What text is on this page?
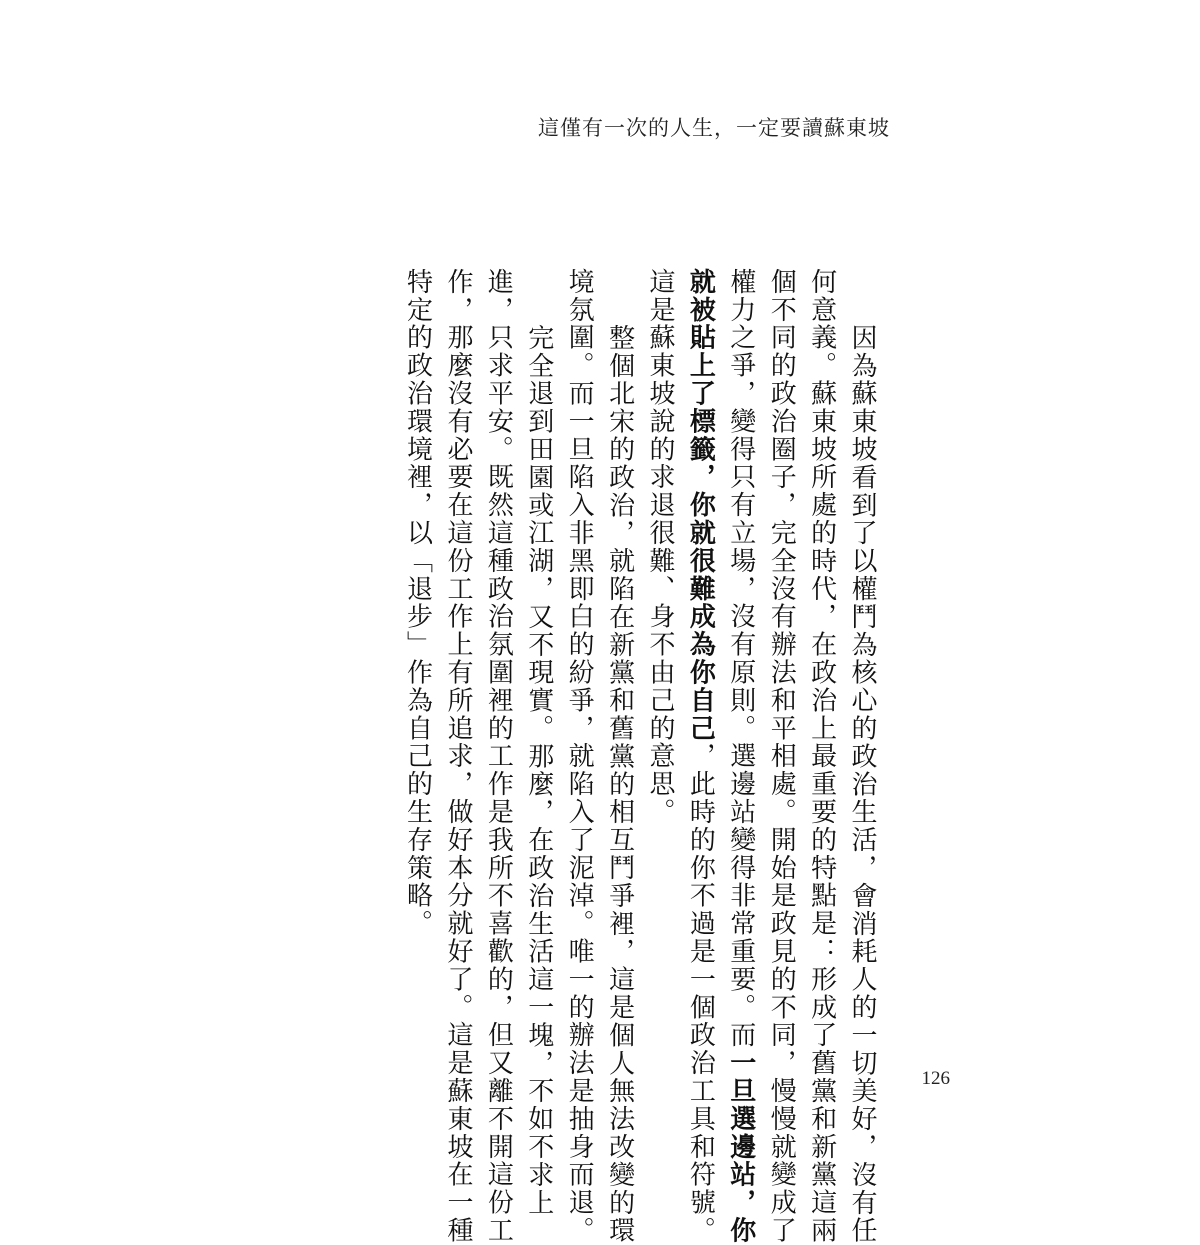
這僅有一次的人生，一定要讀蘇東坡
因為蘇東坡看到了以權鬥為核心的政治生活，會消耗人的一切美好，沒有任
何意義。蘇東坡所處的時代，在政治上最重要的特點是：形成了舊黨和新黨這兩
個不同的政治圈子，完全沒有辦法和平相處。開始是政見的不同，慢慢就變成了
權力之爭，變得只有立場，沒有原則。選邊站變得非常重要。而一旦選邊站，你
就被貼上了標籤，你就很難成為你自己，此時的你不過是一個政治工具和符號。
這是蘇東坡說的求退很難、身不由己的意思。
整個北宋的政治，就陷在新黨和舊黨的相互鬥爭裡，這是個人無法改變的環
境氛圍。而一旦陷入非黑即白的紛爭，就陷入了泥淖。唯一的辦法是抽身而退。
完全退到田園或江湖，又不現實。那麼，在政治生活這一塊，不如不求上
進，只求平安。既然這種政治氛圍裡的工作是我所不喜歡的，但又離不開這份工
作，那麼沒有必要在這份工作上有所追求，做好本分就好了。這是蘇東坡在一種
特定的政治環境裡，以「退步」作為自己的生存策略。
126
